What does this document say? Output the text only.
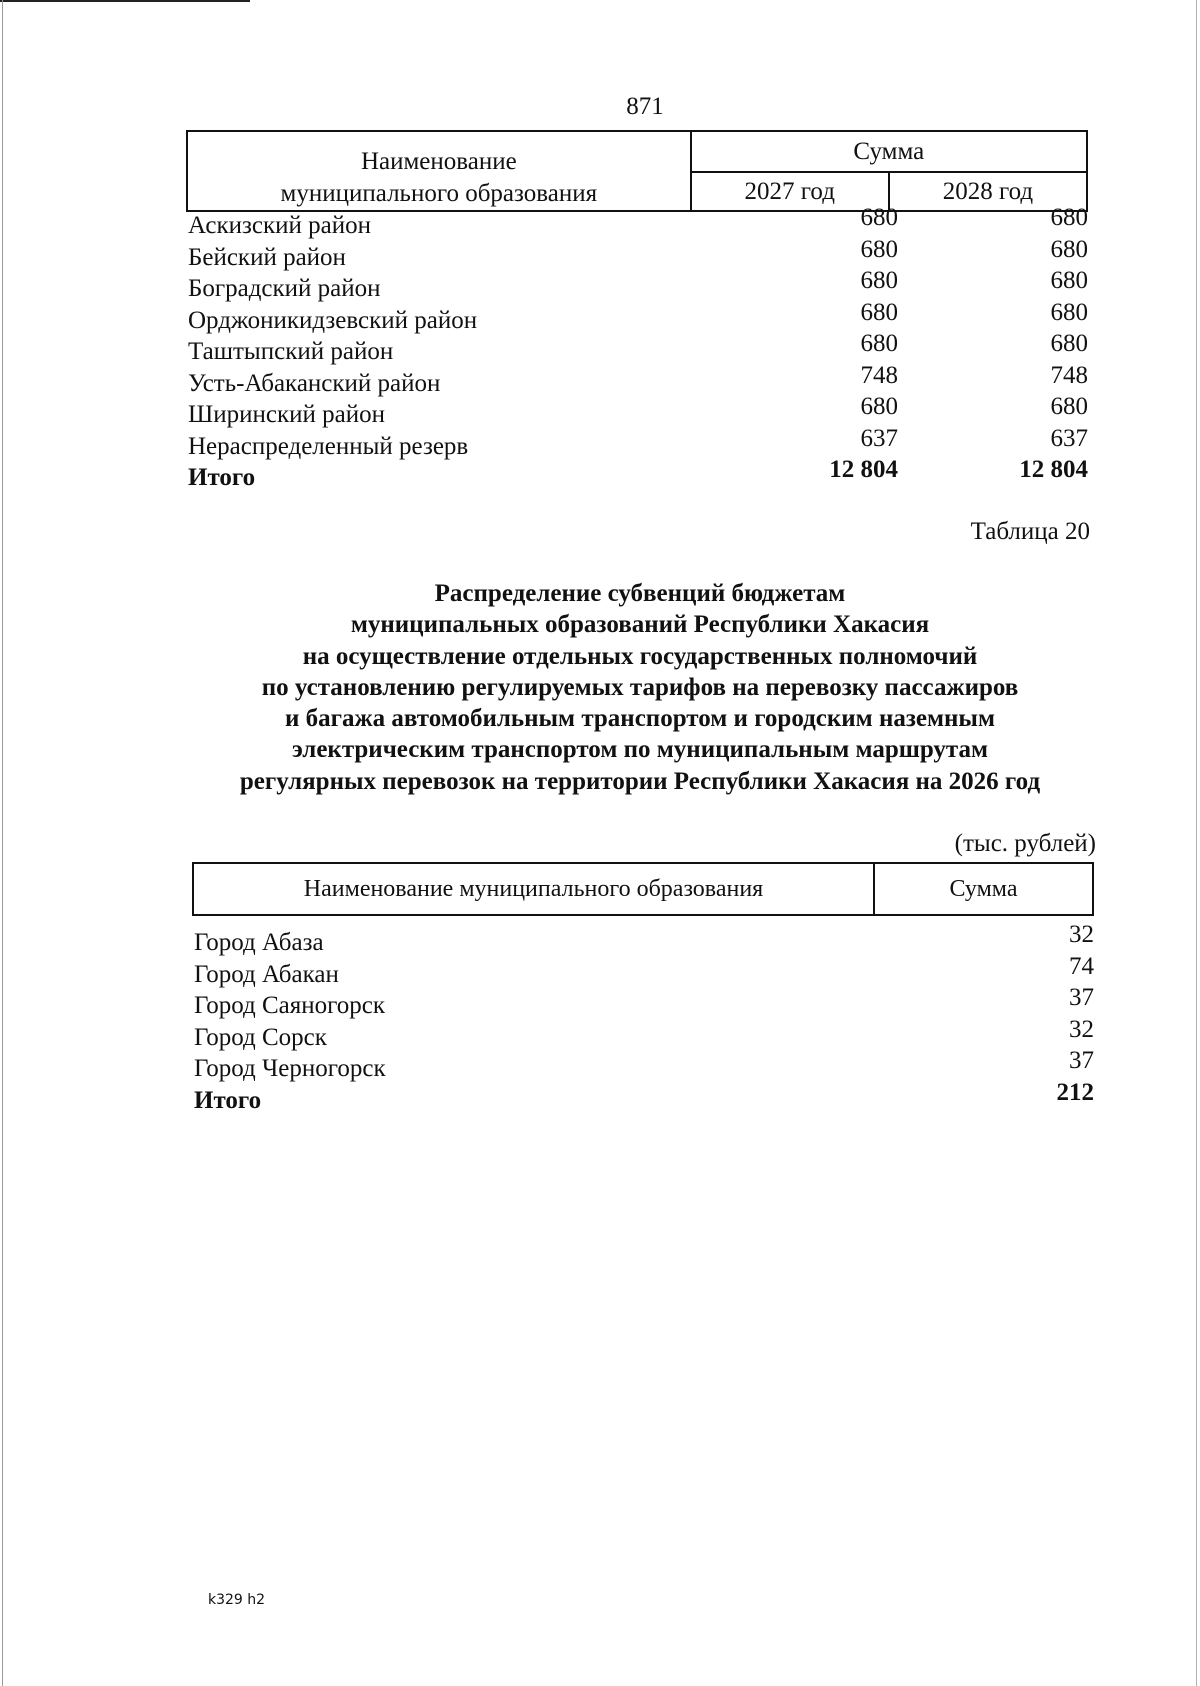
871
Наименование
муниципального образования	Сумма	
	2027 год	2028 год
Аскизский район	680	680
Бейский район	680	680
Боградский район	680	680
Орджоникидзевский район	680	680
Таштыпский район	680	680
Усть-Абаканский район	748	748
Ширинский район	680	680
Нераспределенный резерв	637	637
Итого	12 804	12 804
Таблица 20
Распределение субвенций бюджетам
муниципальных образований Республики Хакасия
на осуществление отдельных государственных полномочий
по установлению регулируемых тарифов на перевозку пассажиров
и багажа автомобильным транспортом и городским наземным
электрическим транспортом по муниципальным маршрутам
регулярных перевозок на территории Республики Хакасия на 2026 год
(тыс. рублей)
Наименование муниципального образования	Сумма
Город Абаза	32
Город Абакан	74
Город Саяногорск	37
Город Сорск	32
Город Черногорск	37
Итого	212
k329 h2
